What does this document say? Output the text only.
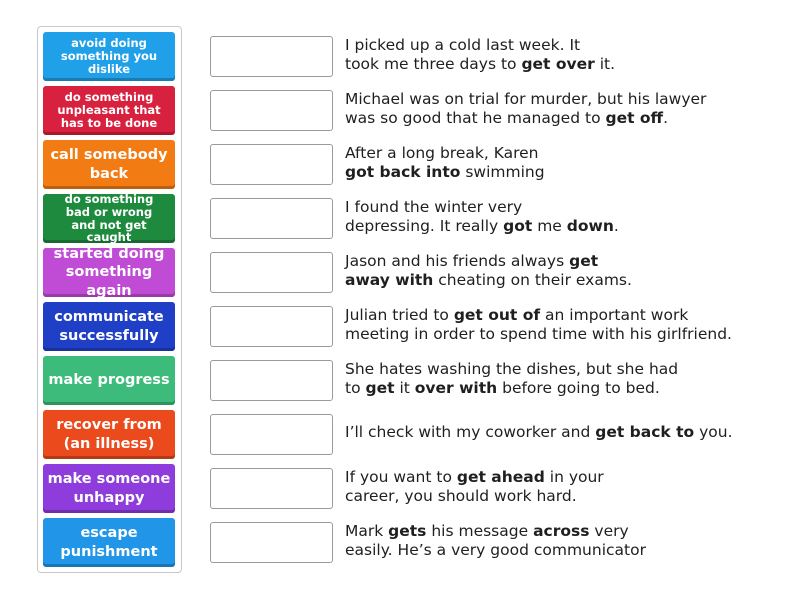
avoid doing something you dislike
do something unpleasant that has to be done
call somebody back
do something bad or wrong and not get caught
started doing something again
communicate successfully
make progress
recover from (an illness)
make someone unhappy
escape punishment
I picked up a cold last week. It
took me three days to get over it.
Michael was on trial for murder, but his lawyer
was so good that he managed to get off.
After a long break, Karen
got back into swimming
I found the winter very
depressing. It really got me down.
Jason and his friends always get
away with cheating on their exams.
Julian tried to get out of an important work
meeting in order to spend time with his girlfriend.
She hates washing the dishes, but she had
to get it over with before going to bed.
I’ll check with my coworker and get back to you.
If you want to get ahead in your
career, you should work hard.
Mark gets his message across very
easily. He’s a very good communicator
